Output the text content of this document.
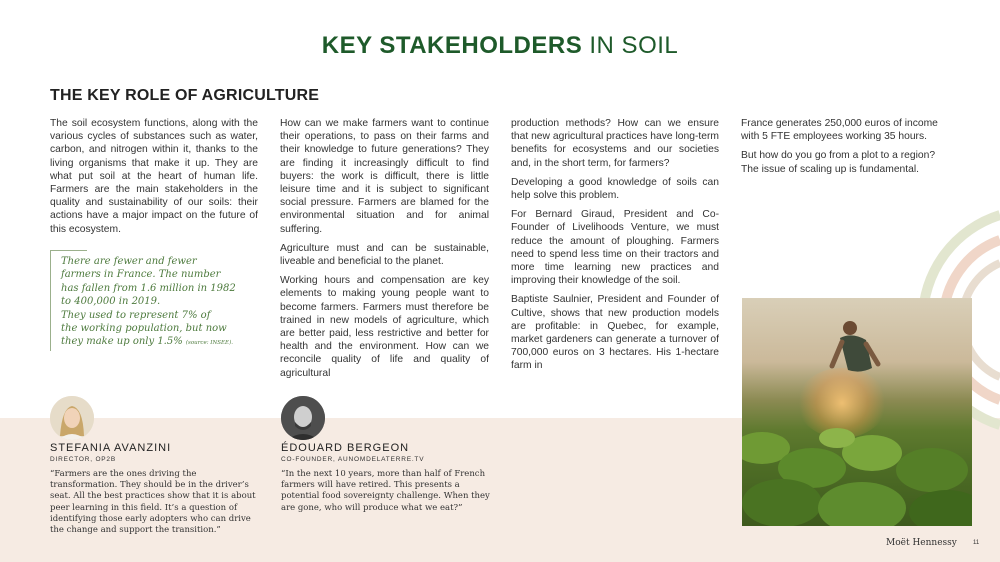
KEY STAKEHOLDERS IN SOIL
THE KEY ROLE OF AGRICULTURE

The soil ecosystem functions, along with the various cycles of substances such as water, carbon, and nitrogen within it, thanks to the living organisms that make it up. They are what put soil at the heart of human life. Farmers are the main stakeholders in the quality and sustainability of our soils: their actions have a major impact on the future of this ecosystem.

There are fewer and fewer
farmers in France. The number
has fallen from 1.6 million in 1982
to 400,000 in 2019.
They used to represent 7% of
the working population, but now
they make up only 1.5% (source: INSEE).

How can we make farmers want to continue their operations, to pass on their farms and their knowledge to future generations? They are finding it increasingly difficult to find buyers: the work is difficult, there is little leisure time and it is subject to significant social pressure. Farmers are blamed for the environmental situation and for animal suffering.

Agriculture must and can be sustainable, liveable and beneficial to the planet.

Working hours and compensation are key elements to making young people want to become farmers. Farmers must therefore be trained in new models of agriculture, which are better paid, less restrictive and better for health and the environment. How can we reconcile quality of life and quality of agricultural

production methods? How can we ensure that new agricultural practices have long-term benefits for ecosystems and our societies and, in the short term, for farmers?

Developing a good knowledge of soils can help solve this problem.

For Bernard Giraud, President and Co-Founder of Livelihoods Venture, we must reduce the amount of ploughing. Farmers need to spend less time on their tractors and more time learning new practices and improving their knowledge of the soil.

Baptiste Saulnier, President and Founder of Cultive, shows that new production models are profitable: in Quebec, for example, market gardeners can generate a turnover of 700,000 euros on 3 hectares. His 1-hectare farm in

France generates 250,000 euros of income with 5 FTE employees working 35 hours.

But how do you go from a plot to a region? The issue of scaling up is fundamental.

STEFANIA AVANZINI
DIRECTOR, OP2B
“Farmers are the ones driving the transformation. They should be in the driver’s seat. All the best practices show that it is about peer learning in this field. It’s a question of identifying those early adopters who can drive the change and support the transition.”
ÉDOUARD BERGEON
CO-FOUNDER, AUNOMDELATERRE.TV
“In the next 10 years, more than half of French farmers will have retired. This presents a potential food sovereignty challenge. When they are gone, who will produce what we eat?”
Moët Hennessy	11
